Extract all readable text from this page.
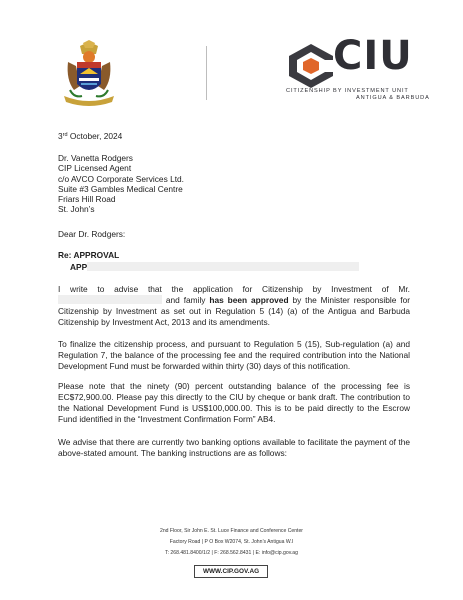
CIU
CITIZENSHIP BY INVESTMENT UNIT
ANTIGUA & BARBUDA
3rd October, 2024
Dr. Vanetta Rodgers
CIP Licensed Agent
c/o AVCO Corporate Services Ltd.
Suite #3 Gambles Medical Centre
Friars Hill Road
St. John’s
Dear Dr. Rodgers:
Re: APPROVAL
APP
I write to advise that the application for Citizenship by Investment of Mr. and family has been approved by the Minister responsible for Citizenship by Investment as set out in Regulation 5 (14) (a) of the Antigua and Barbuda Citizenship by Investment Act, 2013 and its amendments.
To finalize the citizenship process, and pursuant to Regulation 5 (15), Sub-regulation (a) and Regulation 7, the balance of the processing fee and the required contribution into the National Development Fund must be forwarded within thirty (30) days of this notification.
Please note that the ninety (90) percent outstanding balance of the processing fee is EC$72,900.00. Please pay this directly to the CIU by cheque or bank draft. The contribution to the National Development Fund is US$100,000.00. This is to be paid directly to the Escrow Fund identified in the “Investment Confirmation Form” AB4.
We advise that there are currently two banking options available to facilitate the payment of the above-stated amount. The banking instructions are as follows:
2nd Floor, Sir John E. St. Luce Finance and Conference Center
Factory Road | P O Box W2074, St. John’s Antigua W.I
T: 268.481.8400/1/2 | F: 268.562.8431 | E: info@cip.gov.ag
WWW.CIP.GOV.AG
